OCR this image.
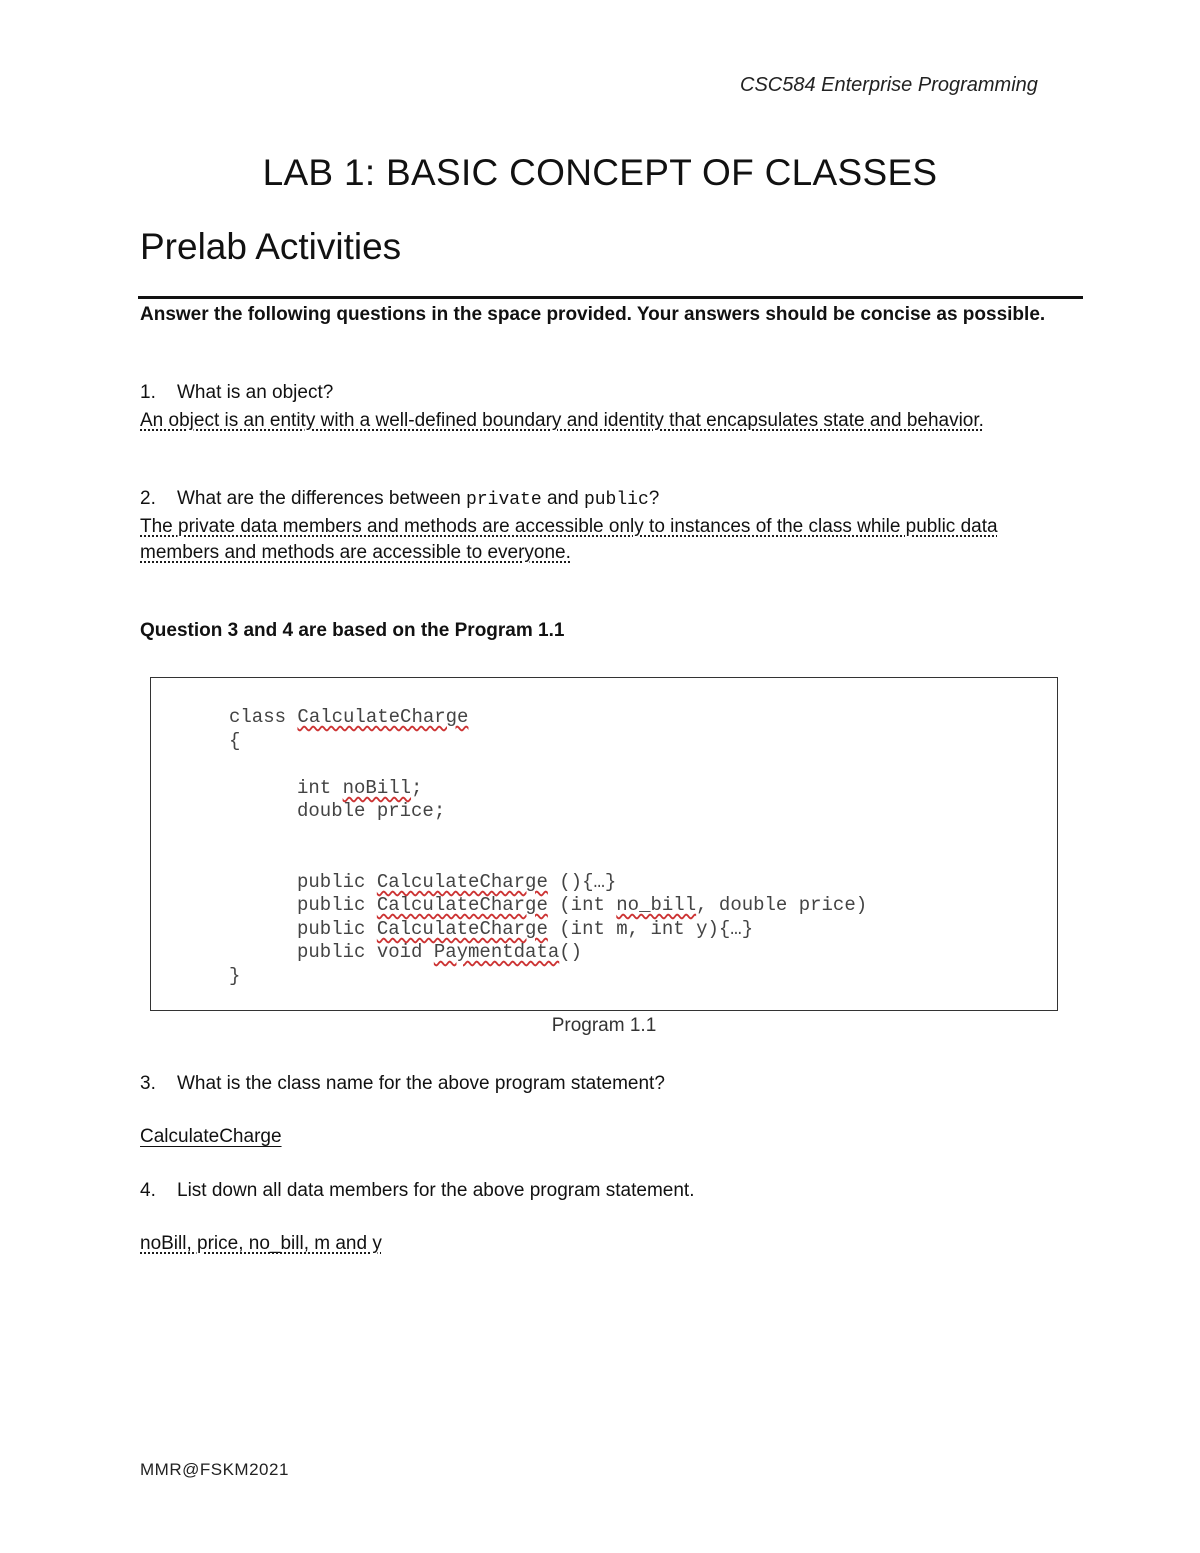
CSC584 Enterprise Programming
LAB 1: BASIC CONCEPT OF CLASSES
Prelab Activities
Answer the following questions in the space provided. Your answers should be concise as possible.
1. What is an object?
An object is an entity with a well-defined boundary and identity that encapsulates state and behavior.
2. What are the differences between private and public?
The private data members and methods are accessible only to instances of the class while public data members and methods are accessible to everyone.
Question 3 and 4 are based on the Program 1.1
class CalculateCharge
{
int noBill;
double price;
public CalculateCharge (){…}
public CalculateCharge (int no_bill, double price)
public CalculateCharge (int m, int y){…}
public void Paymentdata()
}
Program 1.1
3. What is the class name for the above program statement?
CalculateCharge
4. List down all data members for the above program statement.
noBill, price, no_bill, m and y
MMR@FSKM2021
